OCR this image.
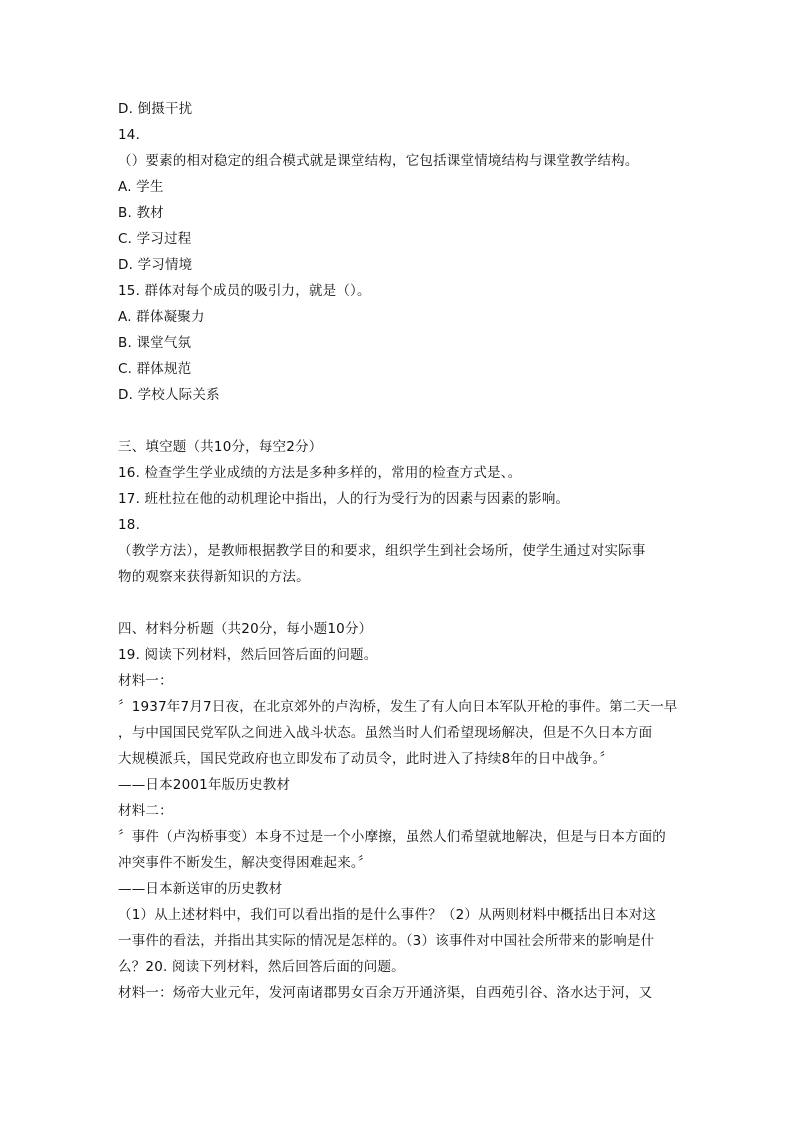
D. 倒摄干扰
14.
（）要素的相对稳定的组合模式就是课堂结构，它包括课堂情境结构与课堂教学结构。
A. 学生
B. 教材
C. 学习过程
D. 学习情境
15. 群体对每个成员的吸引力，就是（）。
A. 群体凝聚力
B. 课堂气氛
C. 群体规范
D. 学校人际关系
三、填空题（共10分，每空2分）
16. 检查学生学业成绩的方法是多种多样的，常用的检查方式是、。
17. 班杜拉在他的动机理论中指出，人的行为受行为的因素与因素的影响。
18.
（教学方法），是教师根据教学目的和要求，组织学生到社会场所，使学生通过对实际事
物的观察来获得新知识的方法。
四、材料分析题（共20分，每小题10分）
19. 阅读下列材料，然后回答后面的问题。
材料一：
〞1937年7月7日夜，在北京郊外的卢沟桥，发生了有人向日本军队开枪的事件。第二天一早
，与中国国民党军队之间进入战斗状态。虽然当时人们希望现场解决，但是不久日本方面
大规模派兵，国民党政府也立即发布了动员令，此时进入了持续8年的日中战争。〞
——日本2001年版历史教材
材料二：
〞事件（卢沟桥事变）本身不过是一个小摩擦，虽然人们希望就地解决，但是与日本方面的
冲突事件不断发生，解决变得困难起来。〞
——日本新送审的历史教材
（1）从上述材料中，我们可以看出指的是什么事件？（2）从两则材料中概括出日本对这
一事件的看法，并指出其实际的情况是怎样的。（3）该事件对中国社会所带来的影响是什
么？20. 阅读下列材料，然后回答后面的问题。
材料一：炀帝大业元年，发河南诸郡男女百余万开通济渠，自西苑引谷、洛水达于河，又
